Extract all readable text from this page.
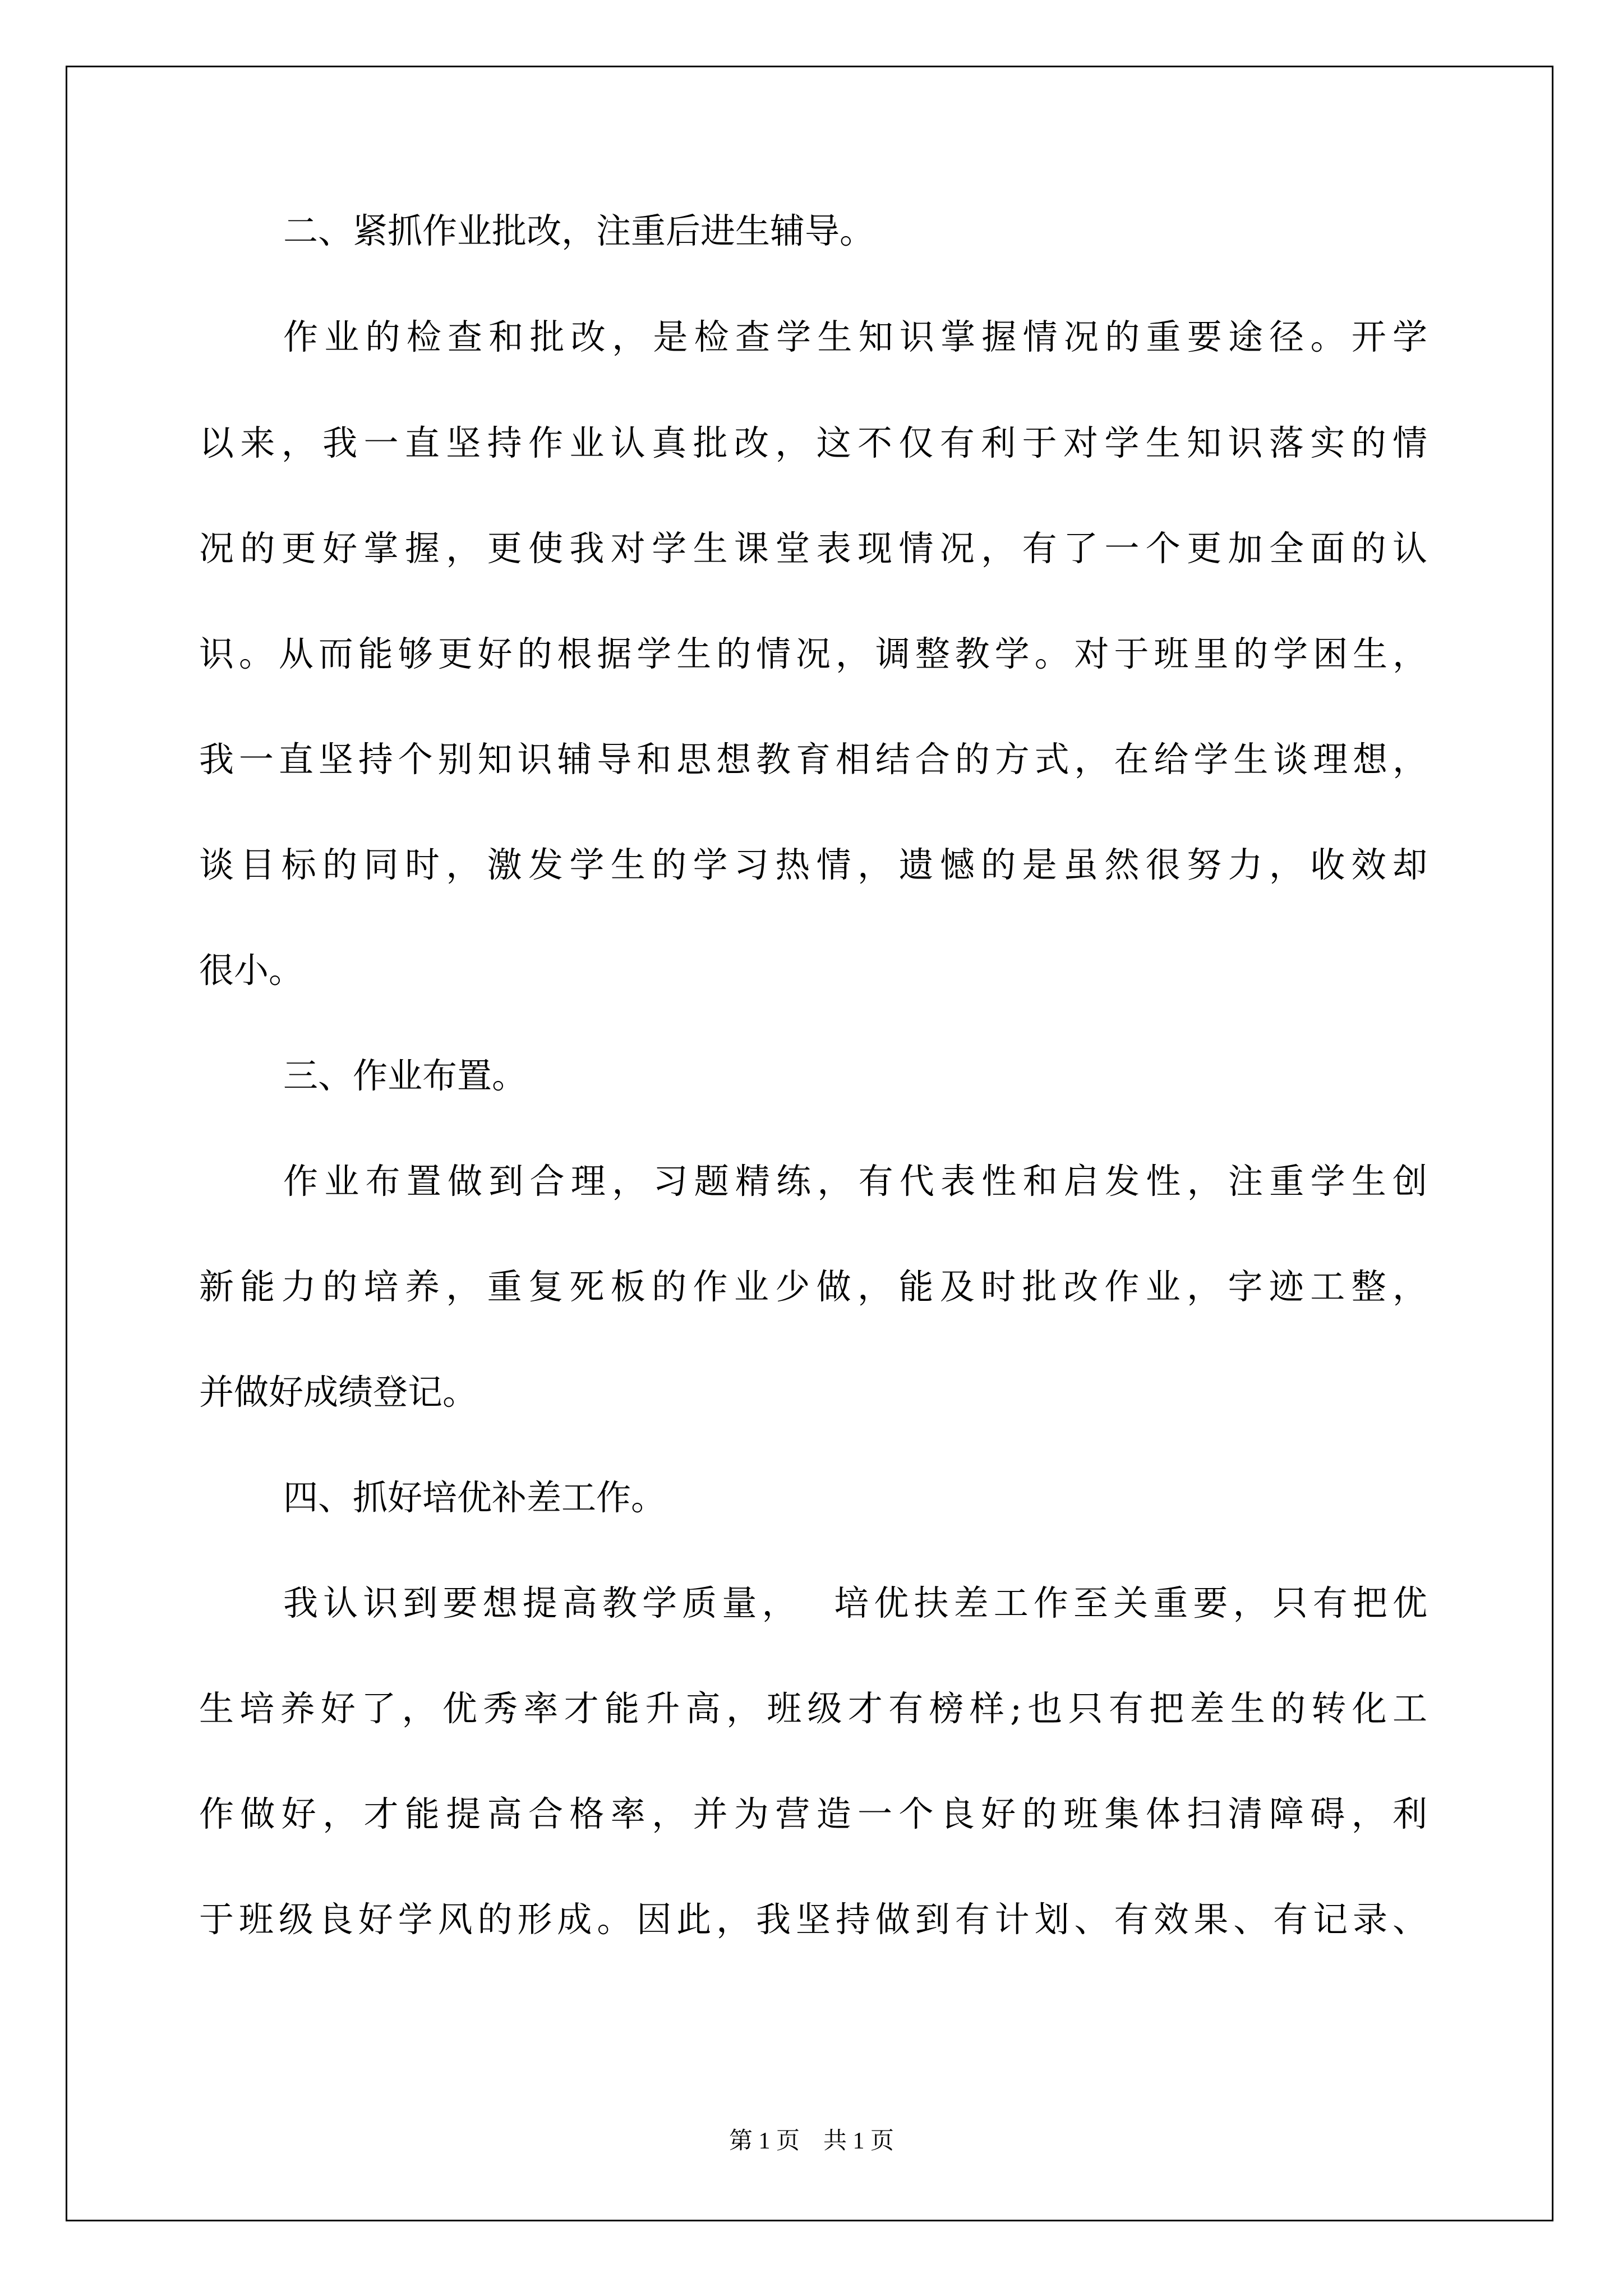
二、紧抓作业批改，注重后进生辅导。
作业的检查和批改，是检查学生知识掌握情况的重要途径。开学
以来，我一直坚持作业认真批改，这不仅有利于对学生知识落实的情
况的更好掌握，更使我对学生课堂表现情况，有了一个更加全面的认
识。从而能够更好的根据学生的情况，调整教学。对于班里的学困生，
我一直坚持个别知识辅导和思想教育相结合的方式，在给学生谈理想，
谈目标的同时，激发学生的学习热情，遗憾的是虽然很努力，收效却
很小。
三、作业布置。
作业布置做到合理，习题精练，有代表性和启发性，注重学生创
新能力的培养，重复死板的作业少做，能及时批改作业，字迹工整，
并做好成绩登记。
四、抓好培优补差工作。
我认识到要想提高教学质量，  培优扶差工作至关重要，只有把优
生培养好了，优秀率才能升高，班级才有榜样;也只有把差生的转化工
作做好，才能提高合格率，并为营造一个良好的班集体扫清障碍，利
于班级良好学风的形成。因此，我坚持做到有计划、有效果、有记录、
第 1 页 共 1 页
